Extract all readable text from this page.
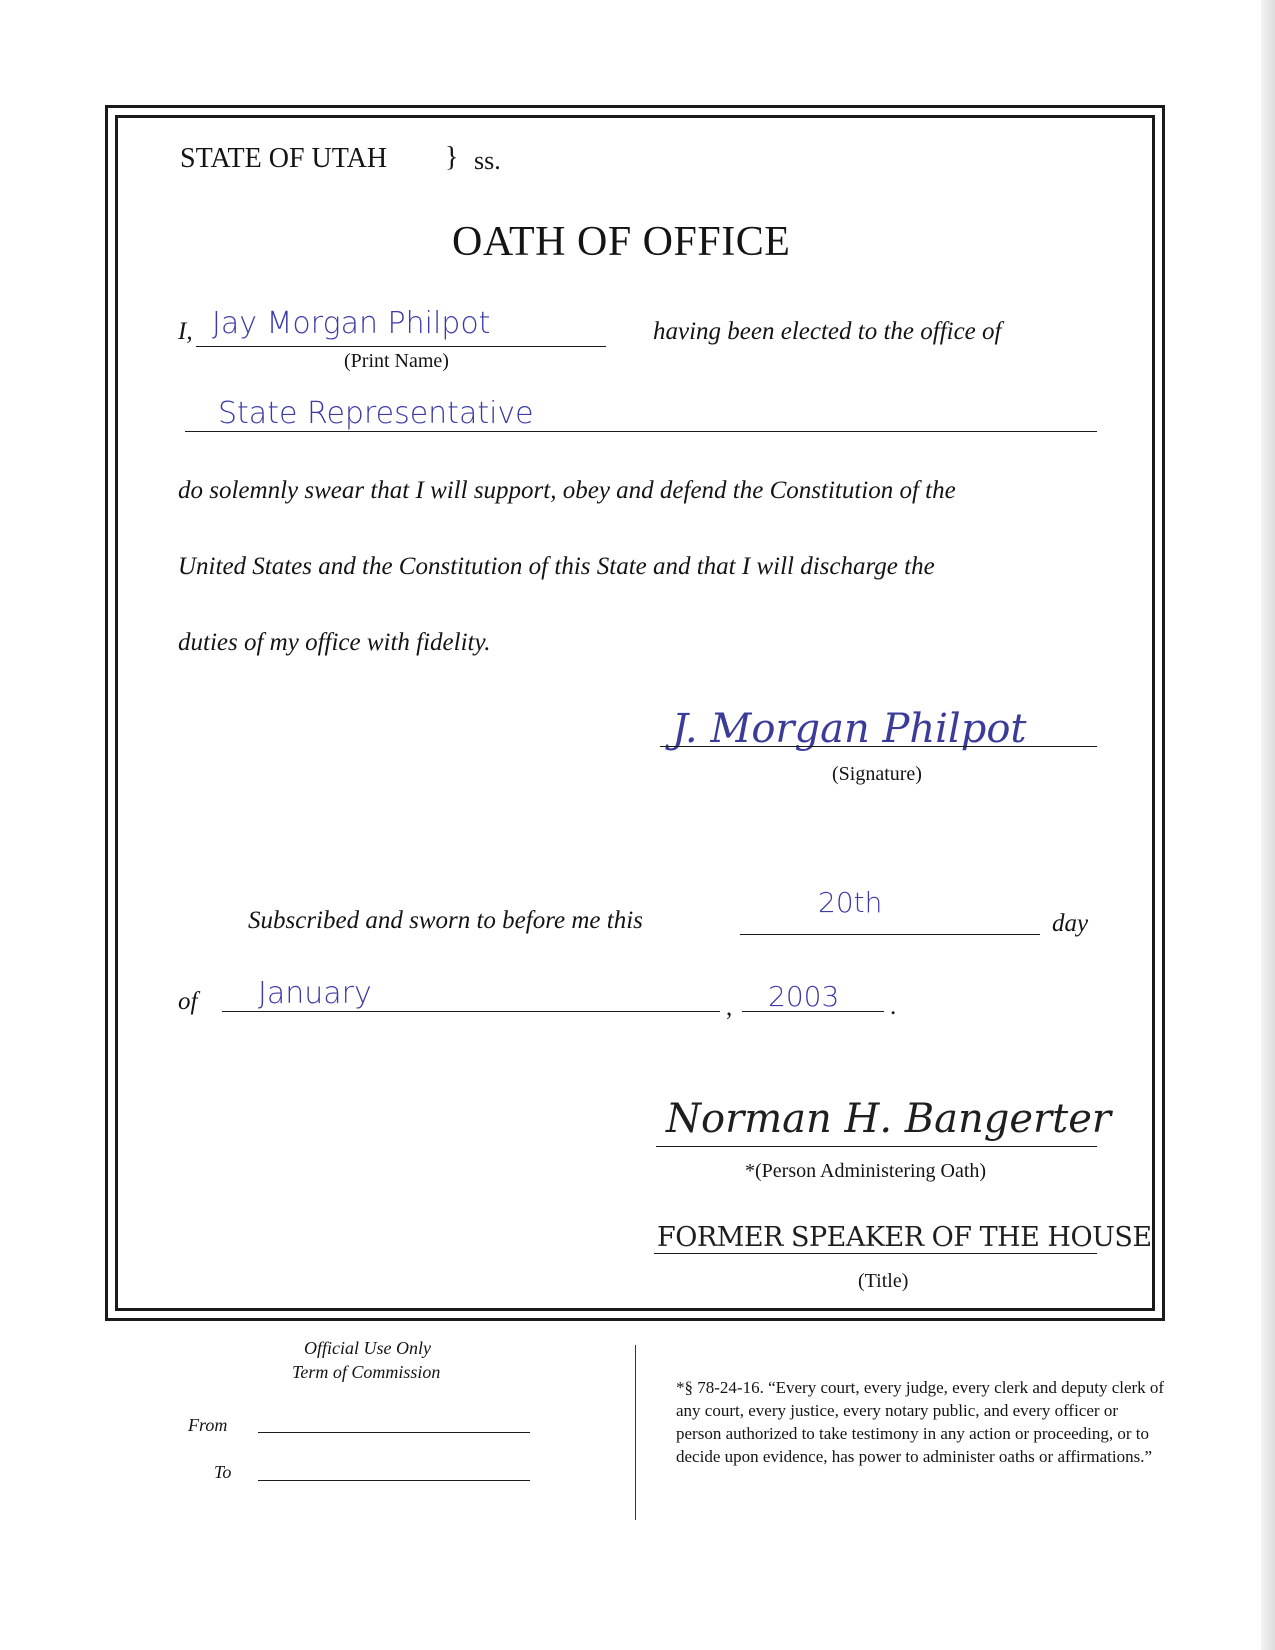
STATE OF UTAH } ss.
OATH OF OFFICE
I, Jay Morgan Philpot
(Print Name)
having been elected to the office of
State Representative
do solemnly swear that I will support, obey and defend the Constitution of the
United States and the Constitution of this State and that I will discharge the
duties of my office with fidelity.
J. Morgan Philpot
(Signature)
Subscribed and sworn to before me this
20th
day
of January	, 2003 .
Norman H. Bangerter
*(Person Administering Oath)
FORMER SPEAKER OF THE HOUSE
(Title)
Official Use Only
Term of Commission
From
To
*§ 78-24-16. “Every court, every judge, every clerk and deputy clerk of any court, every justice, every notary public, and every officer or person authorized to take testimony in any action or proceeding, or to decide upon evidence, has power to administer oaths or affirmations.”
